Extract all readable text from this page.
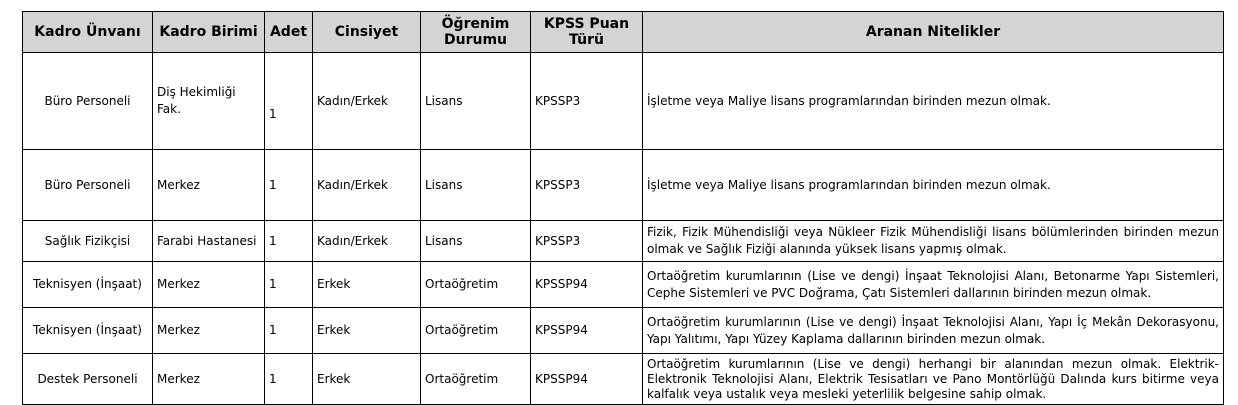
Kadro Ünvanı	Kadro Birimi	Adet	Cinsiyet	Öğrenim Durumu	KPSS Puan Türü	Aranan Nitelikler
Büro Personeli	Diş Hekimliği Fak.	1	Kadın/Erkek	Lisans	KPSSP3	İşletme veya Maliye lisans programlarından birinden mezun olmak.
Büro Personeli	Merkez	1	Kadın/Erkek	Lisans	KPSSP3	İşletme veya Maliye lisans programlarından birinden mezun olmak.
Sağlık Fizikçisi	Farabi Hastanesi	1	Kadın/Erkek	Lisans	KPSSP3	Fizik, Fizik Mühendisliği veya Nükleer Fizik Mühendisliği lisans bölümlerinden birinden mezun olmak ve Sağlık Fiziği alanında yüksek lisans yapmış olmak.
Teknisyen (İnşaat)	Merkez	1	Erkek	Ortaöğretim	KPSSP94	Ortaöğretim kurumlarının (Lise ve dengi) İnşaat Teknolojisi Alanı, Betonarme Yapı Sistemleri, Cephe Sistemleri ve PVC Doğrama, Çatı Sistemleri dallarının birinden mezun olmak.
Teknisyen (İnşaat)	Merkez	1	Erkek	Ortaöğretim	KPSSP94	Ortaöğretim kurumlarının (Lise ve dengi) İnşaat Teknolojisi Alanı, Yapı İç Mekân Dekorasyonu, Yapı Yalıtımı, Yapı Yüzey Kaplama dallarının birinden mezun olmak.
Destek Personeli	Merkez	1	Erkek	Ortaöğretim	KPSSP94	Ortaöğretim kurumlarının (Lise ve dengi) herhangi bir alanından mezun olmak. Elektrik-Elektronik Teknolojisi Alanı, Elektrik Tesisatları ve Pano Montörlüğü Dalında kurs bitirme veya kalfalık veya ustalık veya mesleki yeterlilik belgesine sahip olmak.
